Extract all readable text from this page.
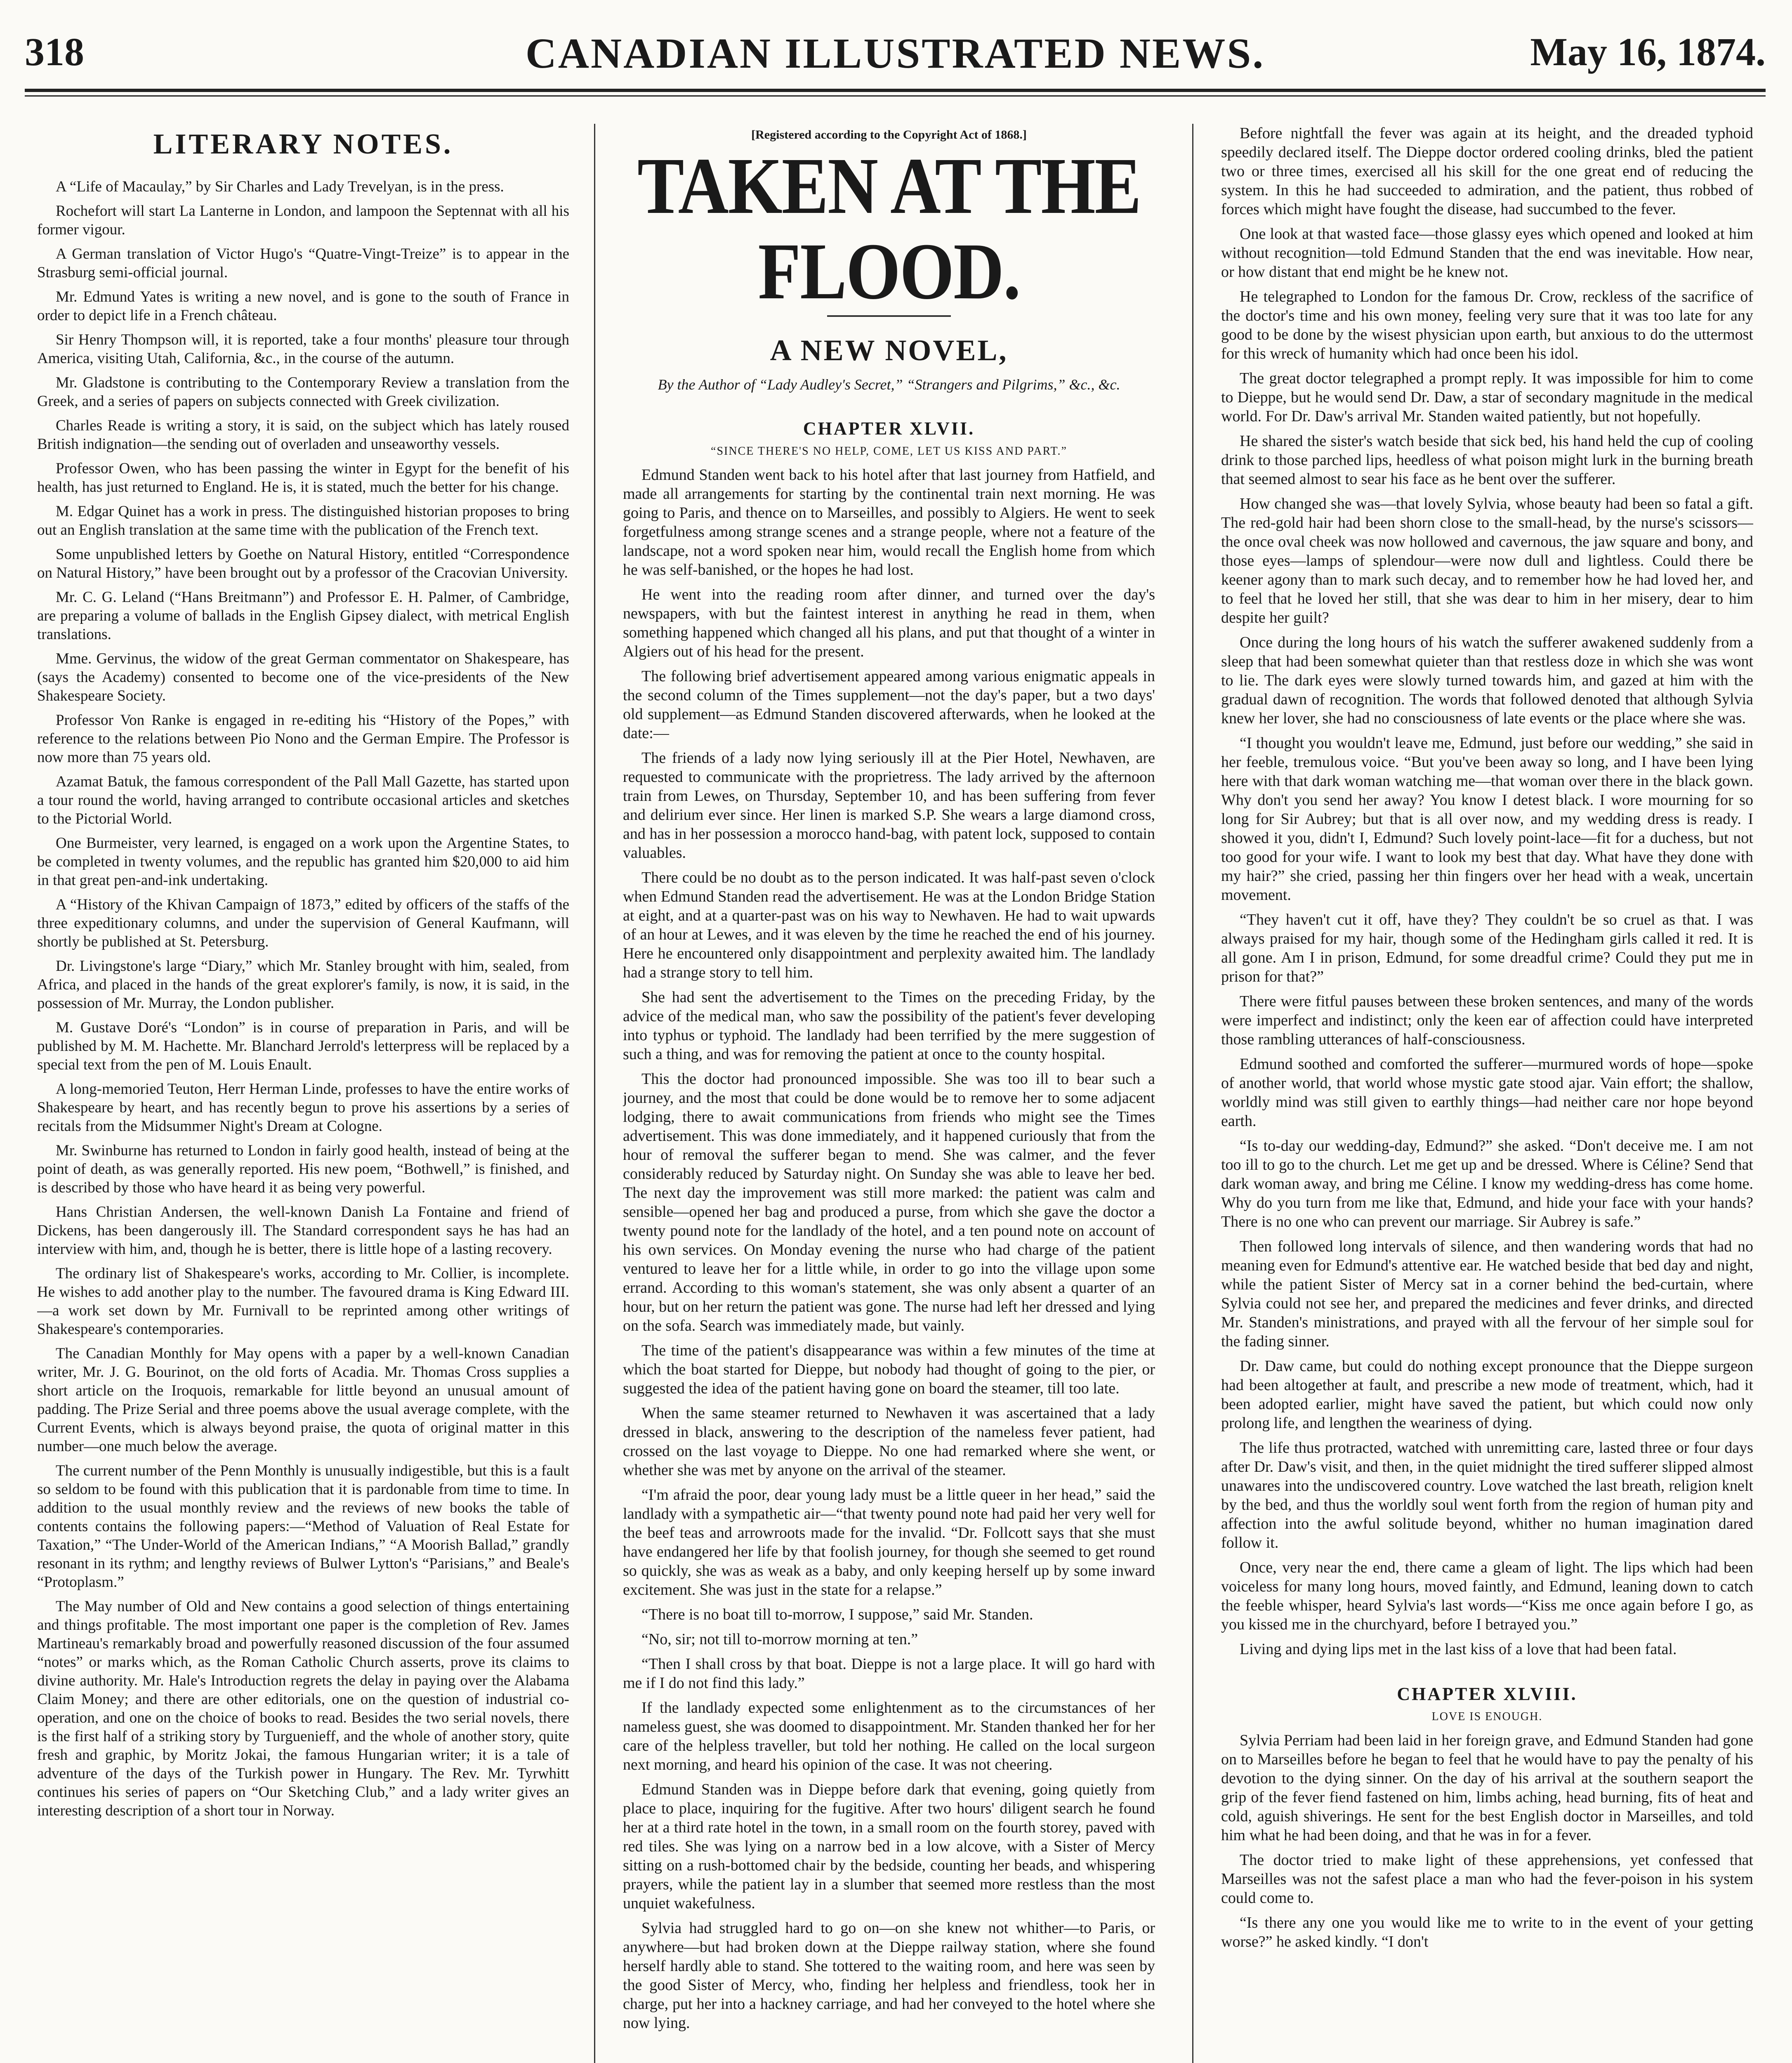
318	CANADIAN ILLUSTRATED NEWS.	May 16, 1874.
LITERARY NOTES.

A “Life of Macaulay,” by Sir Charles and Lady Trevelyan, is in the press.

Rochefort will start La Lanterne in London, and lampoon the Septennat with all his former vigour.

A German translation of Victor Hugo's “Quatre-Vingt-Treize” is to appear in the Strasburg semi-official journal.

Mr. Edmund Yates is writing a new novel, and is gone to the south of France in order to depict life in a French château.

Sir Henry Thompson will, it is reported, take a four months' pleasure tour through America, visiting Utah, California, &c., in the course of the autumn.

Mr. Gladstone is contributing to the Contemporary Review a translation from the Greek, and a series of papers on subjects connected with Greek civilization.

Charles Reade is writing a story, it is said, on the subject which has lately roused British indignation—the sending out of overladen and unseaworthy vessels.

Professor Owen, who has been passing the winter in Egypt for the benefit of his health, has just returned to England. He is, it is stated, much the better for his change.

M. Edgar Quinet has a work in press. The distinguished historian proposes to bring out an English translation at the same time with the publication of the French text.

Some unpublished letters by Goethe on Natural History, entitled “Correspondence on Natural History,” have been brought out by a professor of the Cracovian University.

Mr. C. G. Leland (“Hans Breitmann”) and Professor E. H. Palmer, of Cambridge, are preparing a volume of ballads in the English Gipsey dialect, with metrical English translations.

Mme. Gervinus, the widow of the great German commentator on Shakespeare, has (says the Academy) consented to become one of the vice-presidents of the New Shakespeare Society.

Professor Von Ranke is engaged in re-editing his “History of the Popes,” with reference to the relations between Pio Nono and the German Empire. The Professor is now more than 75 years old.

Azamat Batuk, the famous correspondent of the Pall Mall Gazette, has started upon a tour round the world, having arranged to contribute occasional articles and sketches to the Pictorial World.

One Burmeister, very learned, is engaged on a work upon the Argentine States, to be completed in twenty volumes, and the republic has granted him $20,000 to aid him in that great pen-and-ink undertaking.

A “History of the Khivan Campaign of 1873,” edited by officers of the staffs of the three expeditionary columns, and under the supervision of General Kaufmann, will shortly be published at St. Petersburg.

Dr. Livingstone's large “Diary,” which Mr. Stanley brought with him, sealed, from Africa, and placed in the hands of the great explorer's family, is now, it is said, in the possession of Mr. Murray, the London publisher.

M. Gustave Doré's “London” is in course of preparation in Paris, and will be published by M. M. Hachette. Mr. Blanchard Jerrold's letterpress will be replaced by a special text from the pen of M. Louis Enault.

A long-memoried Teuton, Herr Herman Linde, professes to have the entire works of Shakespeare by heart, and has recently begun to prove his assertions by a series of recitals from the Midsummer Night's Dream at Cologne.

Mr. Swinburne has returned to London in fairly good health, instead of being at the point of death, as was generally reported. His new poem, “Bothwell,” is finished, and is described by those who have heard it as being very powerful.

Hans Christian Andersen, the well-known Danish La Fontaine and friend of Dickens, has been dangerously ill. The Standard correspondent says he has had an interview with him, and, though he is better, there is little hope of a lasting recovery.

The ordinary list of Shakespeare's works, according to Mr. Collier, is incomplete. He wishes to add another play to the number. The favoured drama is King Edward III.—a work set down by Mr. Furnivall to be reprinted among other writings of Shakespeare's contemporaries.

The Canadian Monthly for May opens with a paper by a well-known Canadian writer, Mr. J. G. Bourinot, on the old forts of Acadia. Mr. Thomas Cross supplies a short article on the Iroquois, remarkable for little beyond an unusual amount of padding. The Prize Serial and three poems above the usual average complete, with the Current Events, which is always beyond praise, the quota of original matter in this number—one much below the average.

The current number of the Penn Monthly is unusually indigestible, but this is a fault so seldom to be found with this publication that it is pardonable from time to time. In addition to the usual monthly review and the reviews of new books the table of contents contains the following papers:—“Method of Valuation of Real Estate for Taxation,” “The Under-World of the American Indians,” “A Moorish Ballad,” grandly resonant in its rythm; and lengthy reviews of Bulwer Lytton's “Parisians,” and Beale's “Protoplasm.”

The May number of Old and New contains a good selection of things entertaining and things profitable. The most important one paper is the completion of Rev. James Martineau's remarkably broad and powerfully reasoned discussion of the four assumed “notes” or marks which, as the Roman Catholic Church asserts, prove its claims to divine authority. Mr. Hale's Introduction regrets the delay in paying over the Alabama Claim Money; and there are other editorials, one on the question of industrial co-operation, and one on the choice of books to read. Besides the two serial novels, there is the first half of a striking story by Turguenieff, and the whole of another story, quite fresh and graphic, by Moritz Jokai, the famous Hungarian writer; it is a tale of adventure of the days of the Turkish power in Hungary. The Rev. Mr. Tyrwhitt continues his series of papers on “Our Sketching Club,” and a lady writer gives an interesting description of a short tour in Norway.

[Registered according to the Copyright Act of 1868.]
TAKEN AT THE FLOOD.
A NEW NOVEL,
By the Author of “Lady Audley's Secret,” “Strangers and Pilgrims,” &c., &c.
CHAPTER XLVII.
“SINCE THERE'S NO HELP, COME, LET US KISS AND PART.”

Edmund Standen went back to his hotel after that last journey from Hatfield, and made all arrangements for starting by the continental train next morning. He was going to Paris, and thence on to Marseilles, and possibly to Algiers. He went to seek forgetfulness among strange scenes and a strange people, where not a feature of the landscape, not a word spoken near him, would recall the English home from which he was self-banished, or the hopes he had lost.

He went into the reading room after dinner, and turned over the day's newspapers, with but the faintest interest in anything he read in them, when something happened which changed all his plans, and put that thought of a winter in Algiers out of his head for the present.

The following brief advertisement appeared among various enigmatic appeals in the second column of the Times supplement—not the day's paper, but a two days' old supplement—as Edmund Standen discovered afterwards, when he looked at the date:—

The friends of a lady now lying seriously ill at the Pier Hotel, Newhaven, are requested to communicate with the proprietress. The lady arrived by the afternoon train from Lewes, on Thursday, September 10, and has been suffering from fever and delirium ever since. Her linen is marked S.P. She wears a large diamond cross, and has in her possession a morocco hand-bag, with patent lock, supposed to contain valuables.

There could be no doubt as to the person indicated. It was half-past seven o'clock when Edmund Standen read the advertisement. He was at the London Bridge Station at eight, and at a quarter-past was on his way to Newhaven. He had to wait upwards of an hour at Lewes, and it was eleven by the time he reached the end of his journey. Here he encountered only disappointment and perplexity awaited him. The landlady had a strange story to tell him.

She had sent the advertisement to the Times on the preceding Friday, by the advice of the medical man, who saw the possibility of the patient's fever developing into typhus or typhoid. The landlady had been terrified by the mere suggestion of such a thing, and was for removing the patient at once to the county hospital.

This the doctor had pronounced impossible. She was too ill to bear such a journey, and the most that could be done would be to remove her to some adjacent lodging, there to await communications from friends who might see the Times advertisement. This was done immediately, and it happened curiously that from the hour of removal the sufferer began to mend. She was calmer, and the fever considerably reduced by Saturday night. On Sunday she was able to leave her bed. The next day the improvement was still more marked: the patient was calm and sensible—opened her bag and produced a purse, from which she gave the doctor a twenty pound note for the landlady of the hotel, and a ten pound note on account of his own services. On Monday evening the nurse who had charge of the patient ventured to leave her for a little while, in order to go into the village upon some errand. According to this woman's statement, she was only absent a quarter of an hour, but on her return the patient was gone. The nurse had left her dressed and lying on the sofa. Search was immediately made, but vainly.

The time of the patient's disappearance was within a few minutes of the time at which the boat started for Dieppe, but nobody had thought of going to the pier, or suggested the idea of the patient having gone on board the steamer, till too late.

When the same steamer returned to Newhaven it was ascertained that a lady dressed in black, answering to the description of the nameless fever patient, had crossed on the last voyage to Dieppe. No one had remarked where she went, or whether she was met by anyone on the arrival of the steamer.

“I'm afraid the poor, dear young lady must be a little queer in her head,” said the landlady with a sympathetic air—“that twenty pound note had paid her very well for the beef teas and arrowroots made for the invalid. “Dr. Follcott says that she must have endangered her life by that foolish journey, for though she seemed to get round so quickly, she was as weak as a baby, and only keeping herself up by some inward excitement. She was just in the state for a relapse.”

“There is no boat till to-morrow, I suppose,” said Mr. Standen.

“No, sir; not till to-morrow morning at ten.”

“Then I shall cross by that boat. Dieppe is not a large place. It will go hard with me if I do not find this lady.”

If the landlady expected some enlightenment as to the circumstances of her nameless guest, she was doomed to disappointment. Mr. Standen thanked her for her care of the helpless traveller, but told her nothing. He called on the local surgeon next morning, and heard his opinion of the case. It was not cheering.

Edmund Standen was in Dieppe before dark that evening, going quietly from place to place, inquiring for the fugitive. After two hours' diligent search he found her at a third rate hotel in the town, in a small room on the fourth storey, paved with red tiles. She was lying on a narrow bed in a low alcove, with a Sister of Mercy sitting on a rush-bottomed chair by the bedside, counting her beads, and whispering prayers, while the patient lay in a slumber that seemed more restless than the most unquiet wakefulness.

Sylvia had struggled hard to go on—on she knew not whither—to Paris, or anywhere—but had broken down at the Dieppe railway station, where she found herself hardly able to stand. She tottered to the waiting room, and here was seen by the good Sister of Mercy, who, finding her helpless and friendless, took her in charge, put her into a hackney carriage, and had her conveyed to the hotel where she now lying.

Before nightfall the fever was again at its height, and the dreaded typhoid speedily declared itself. The Dieppe doctor ordered cooling drinks, bled the patient two or three times, exercised all his skill for the one great end of reducing the system. In this he had succeeded to admiration, and the patient, thus robbed of forces which might have fought the disease, had succumbed to the fever.

One look at that wasted face—those glassy eyes which opened and looked at him without recognition—told Edmund Standen that the end was inevitable. How near, or how distant that end might be he knew not.

He telegraphed to London for the famous Dr. Crow, reckless of the sacrifice of the doctor's time and his own money, feeling very sure that it was too late for any good to be done by the wisest physician upon earth, but anxious to do the uttermost for this wreck of humanity which had once been his idol.

The great doctor telegraphed a prompt reply. It was impossible for him to come to Dieppe, but he would send Dr. Daw, a star of secondary magnitude in the medical world. For Dr. Daw's arrival Mr. Standen waited patiently, but not hopefully.

He shared the sister's watch beside that sick bed, his hand held the cup of cooling drink to those parched lips, heedless of what poison might lurk in the burning breath that seemed almost to sear his face as he bent over the sufferer.

How changed she was—that lovely Sylvia, whose beauty had been so fatal a gift. The red-gold hair had been shorn close to the small-head, by the nurse's scissors—the once oval cheek was now hollowed and cavernous, the jaw square and bony, and those eyes—lamps of splendour—were now dull and lightless. Could there be keener agony than to mark such decay, and to remember how he had loved her, and to feel that he loved her still, that she was dear to him in her misery, dear to him despite her guilt?

Once during the long hours of his watch the sufferer awakened suddenly from a sleep that had been somewhat quieter than that restless doze in which she was wont to lie. The dark eyes were slowly turned towards him, and gazed at him with the gradual dawn of recognition. The words that followed denoted that although Sylvia knew her lover, she had no consciousness of late events or the place where she was.

“I thought you wouldn't leave me, Edmund, just before our wedding,” she said in her feeble, tremulous voice. “But you've been away so long, and I have been lying here with that dark woman watching me—that woman over there in the black gown. Why don't you send her away? You know I detest black. I wore mourning for so long for Sir Aubrey; but that is all over now, and my wedding dress is ready. I showed it you, didn't I, Edmund? Such lovely point-lace—fit for a duchess, but not too good for your wife. I want to look my best that day. What have they done with my hair?” she cried, passing her thin fingers over her head with a weak, uncertain movement.

“They haven't cut it off, have they? They couldn't be so cruel as that. I was always praised for my hair, though some of the Hedingham girls called it red. It is all gone. Am I in prison, Edmund, for some dreadful crime? Could they put me in prison for that?”

There were fitful pauses between these broken sentences, and many of the words were imperfect and indistinct; only the keen ear of affection could have interpreted those rambling utterances of half-consciousness.

Edmund soothed and comforted the sufferer—murmured words of hope—spoke of another world, that world whose mystic gate stood ajar. Vain effort; the shallow, worldly mind was still given to earthly things—had neither care nor hope beyond earth.

“Is to-day our wedding-day, Edmund?” she asked. “Don't deceive me. I am not too ill to go to the church. Let me get up and be dressed. Where is Céline? Send that dark woman away, and bring me Céline. I know my wedding-dress has come home. Why do you turn from me like that, Edmund, and hide your face with your hands? There is no one who can prevent our marriage. Sir Aubrey is safe.”

Then followed long intervals of silence, and then wandering words that had no meaning even for Edmund's attentive ear. He watched beside that bed day and night, while the patient Sister of Mercy sat in a corner behind the bed-curtain, where Sylvia could not see her, and prepared the medicines and fever drinks, and directed Mr. Standen's ministrations, and prayed with all the fervour of her simple soul for the fading sinner.

Dr. Daw came, but could do nothing except pronounce that the Dieppe surgeon had been altogether at fault, and prescribe a new mode of treatment, which, had it been adopted earlier, might have saved the patient, but which could now only prolong life, and lengthen the weariness of dying.

The life thus protracted, watched with unremitting care, lasted three or four days after Dr. Daw's visit, and then, in the quiet midnight the tired sufferer slipped almost unawares into the undiscovered country. Love watched the last breath, religion knelt by the bed, and thus the worldly soul went forth from the region of human pity and affection into the awful solitude beyond, whither no human imagination dared follow it.

Once, very near the end, there came a gleam of light. The lips which had been voiceless for many long hours, moved faintly, and Edmund, leaning down to catch the feeble whisper, heard Sylvia's last words—“Kiss me once again before I go, as you kissed me in the churchyard, before I betrayed you.”

Living and dying lips met in the last kiss of a love that had been fatal.

CHAPTER XLVIII.
LOVE IS ENOUGH.

Sylvia Perriam had been laid in her foreign grave, and Edmund Standen had gone on to Marseilles before he began to feel that he would have to pay the penalty of his devotion to the dying sinner. On the day of his arrival at the southern seaport the grip of the fever fiend fastened on him, limbs aching, head burning, fits of heat and cold, aguish shiverings. He sent for the best English doctor in Marseilles, and told him what he had been doing, and that he was in for a fever.

The doctor tried to make light of these apprehensions, yet confessed that Marseilles was not the safest place a man who had the fever-poison in his system could come to.

“Is there any one you would like me to write to in the event of your getting worse?” he asked kindly. “I don't
